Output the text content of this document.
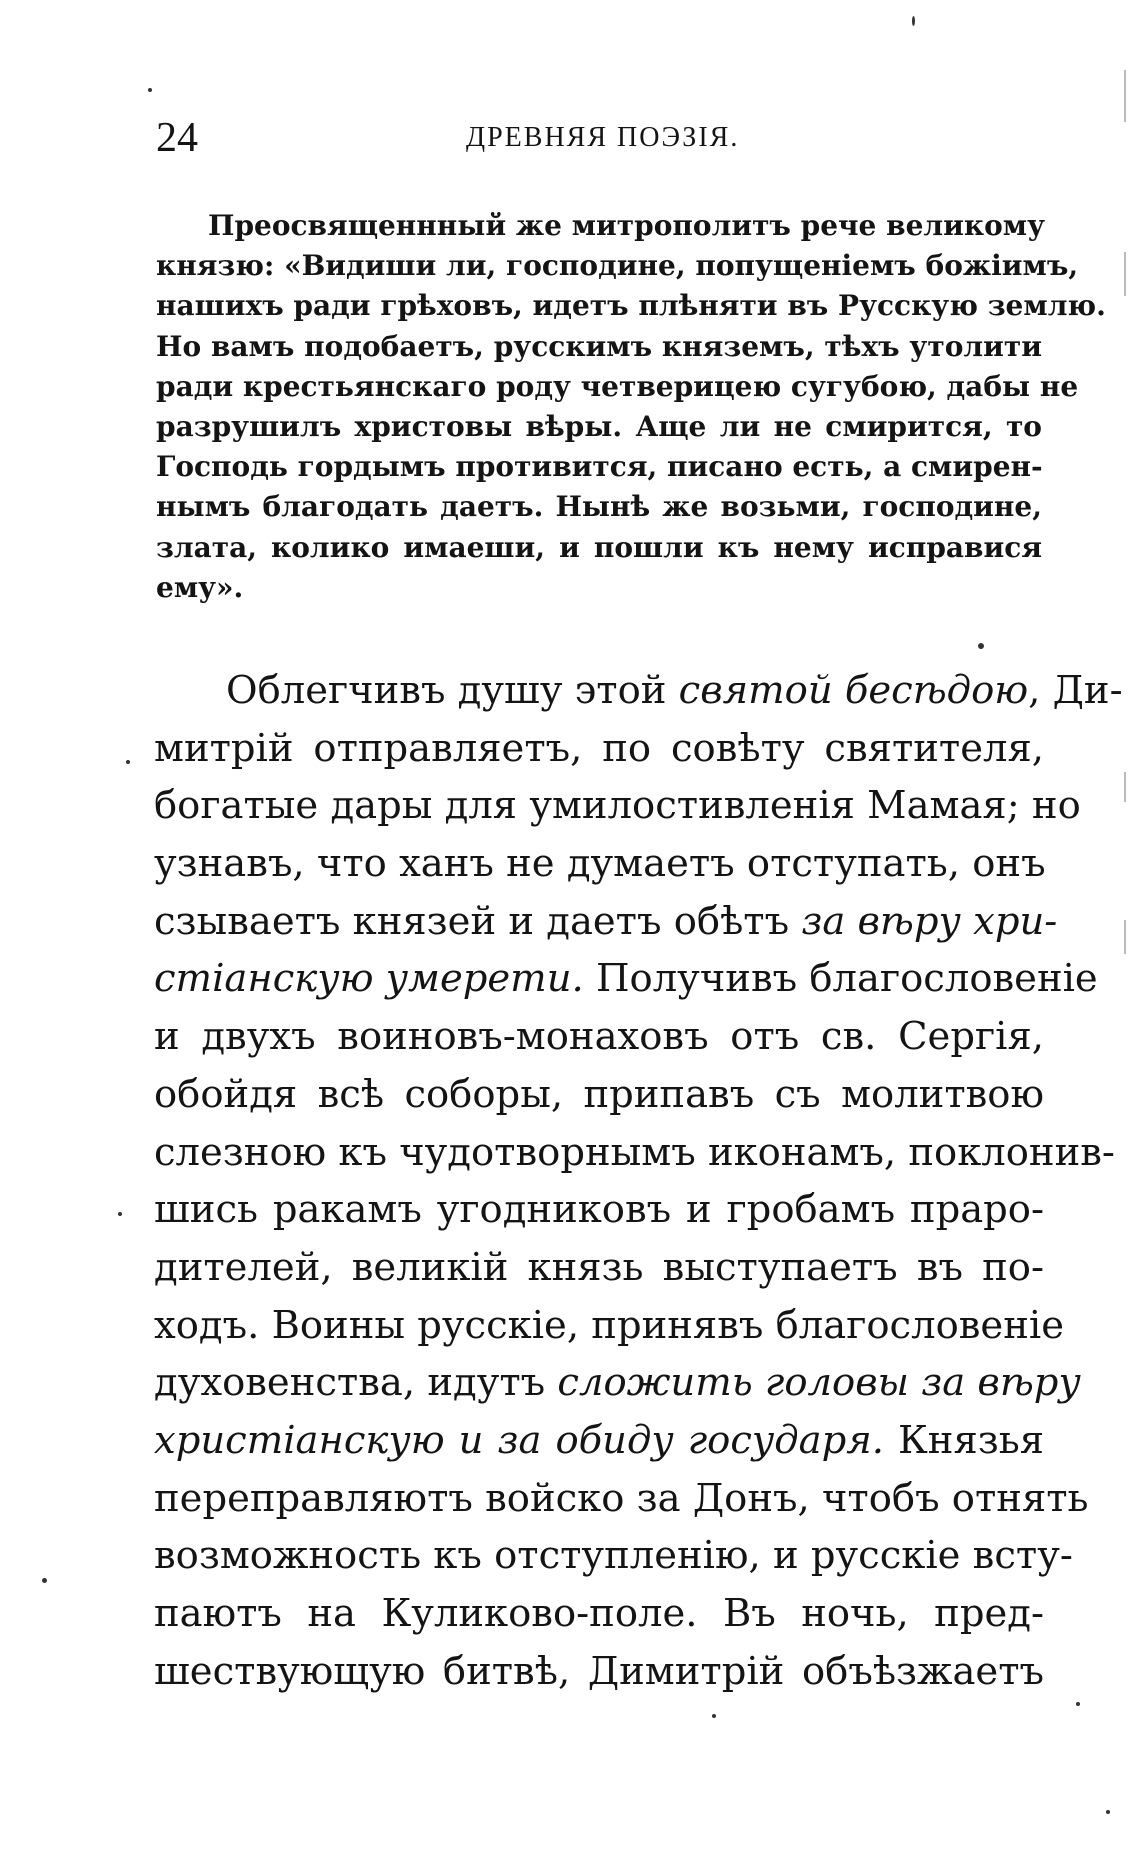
24	ДРЕВНЯЯ ПОЭЗІЯ.
Преосвященнный же митрополитъ рече великому
князю: «Видиши ли, господине, попущеніемъ божіимъ,
нашихъ ради грѣховъ, идетъ плѣняти въ Русскую землю.
Но вамъ подобаетъ, русскимъ княземъ, тѣхъ утолити
ради крестьянскаго роду четверицею сугубою, дабы не
разрушилъ христовы вѣры. Аще ли не смирится, то
Господь гордымъ противится, писано есть, а смирен-
нымъ благодать даетъ. Нынѣ же возьми, господине,
злата, колико имаеши, и пошли къ нему исправися
ему».
Облегчивъ душу этой святой бесѣдою, Ди-
митрій отправляетъ, по совѣту святителя,
богатые дары для умилостивленія Мамая; но
узнавъ, что ханъ не думаетъ отступать, онъ
сзываетъ князей и даетъ обѣтъ за вѣру хри-
стіанскую умерети. Получивъ благословеніе
и двухъ воиновъ-монаховъ отъ св. Сергія,
обойдя всѣ соборы, припавъ съ молитвою
слезною къ чудотворнымъ иконамъ, поклонив-
шись ракамъ угодниковъ и гробамъ праро-
дителей, великій князь выступаетъ въ по-
ходъ. Воины русскіе, принявъ благословеніе
духовенства, идутъ сложить головы за вѣру
христіанскую и за обиду государя. Князья
переправляютъ войско за Донъ, чтобъ отнять
возможность къ отступленію, и русскіе всту-
паютъ на Куликово-поле. Въ ночь, пред-
шествующую битвѣ, Димитрій объѣзжаетъ
